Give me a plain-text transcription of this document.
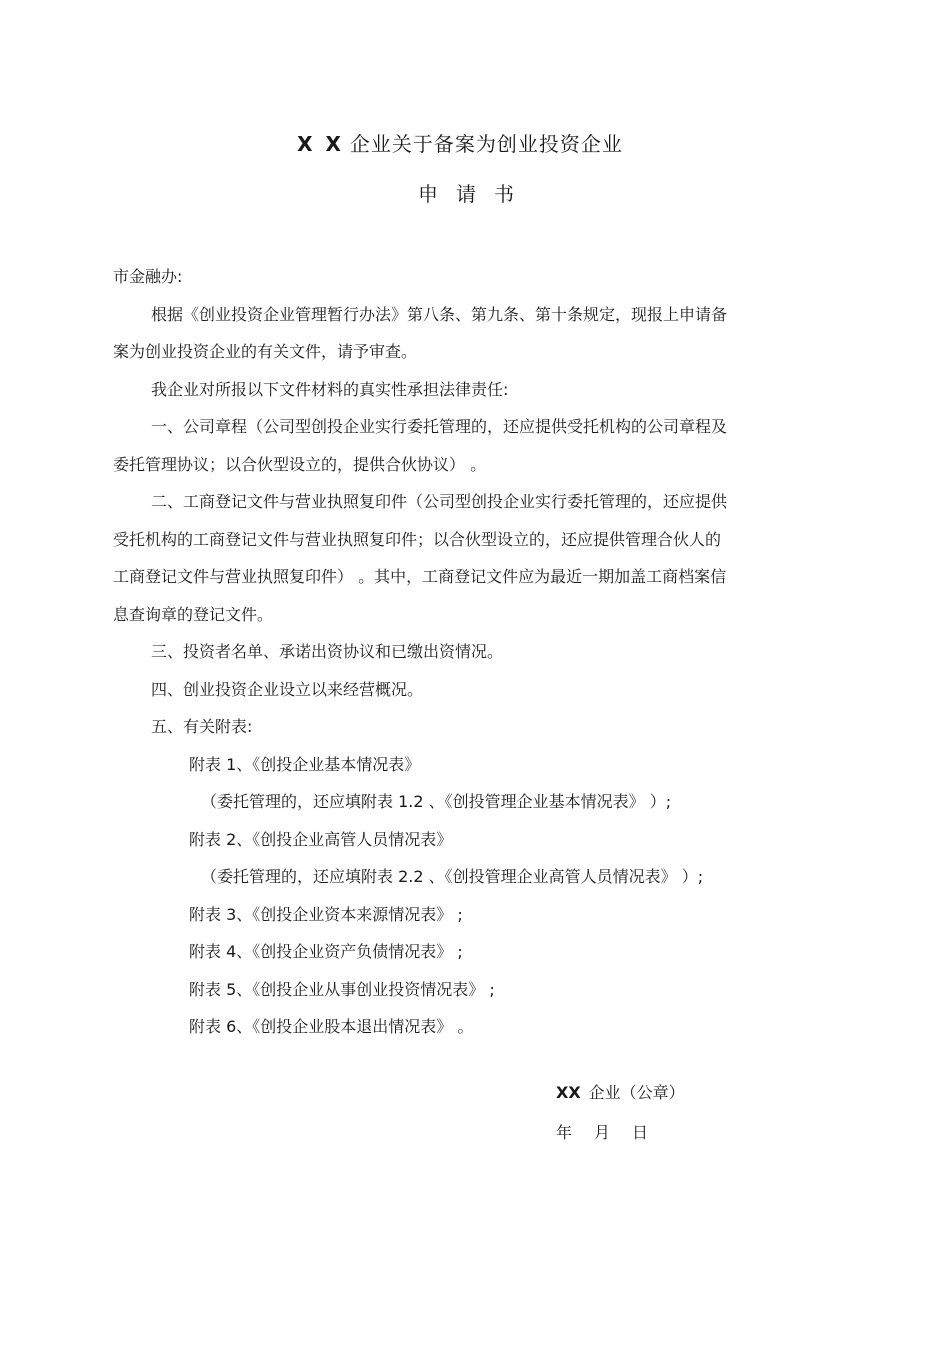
X X 企业关于备案为创业投资企业
申请书
市金融办:
根据《创业投资企业管理暂行办法》第八条、第九条、第十条规定，现报上申请备
案为创业投资企业的有关文件，请予审查。
我企业对所报以下文件材料的真实性承担法律责任:
一、公司章程（公司型创投企业实行委托管理的，还应提供受托机构的公司章程及
委托管理协议；以合伙型设立的，提供合伙协议） 。
二、工商登记文件与营业执照复印件（公司型创投企业实行委托管理的，还应提供
受托机构的工商登记文件与营业执照复印件；以合伙型设立的，还应提供管理合伙人的
工商登记文件与营业执照复印件） 。其中，工商登记文件应为最近一期加盖工商档案信
息查询章的登记文件。
三、投资者名单、承诺出资协议和已缴出资情况。
四、创业投资企业设立以来经营概况。
五、有关附表:
附表 1、《创投企业基本情况表》
（委托管理的，还应填附表 1.2 、《创投管理企业基本情况表》 ）;
附表 2、《创投企业高管人员情况表》
（委托管理的，还应填附表 2.2 、《创投管理企业高管人员情况表》 ）;
附表 3、《创投企业资本来源情况表》 ;
附表 4、《创投企业资产负债情况表》 ;
附表 5、《创投企业从事创业投资情况表》 ;
附表 6、《创投企业股本退出情况表》 。
XX 企业（公章）
年 月 日
